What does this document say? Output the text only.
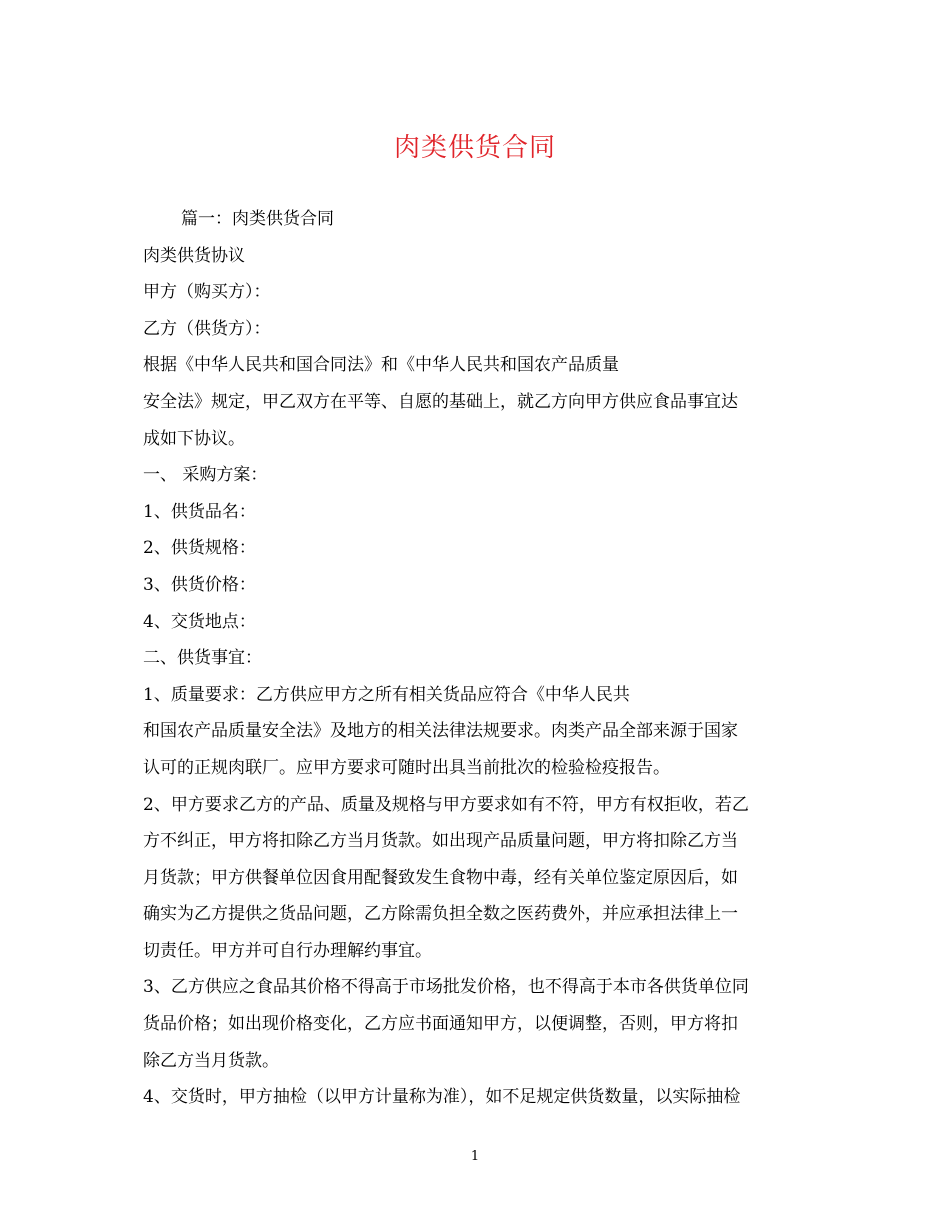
肉类供货合同
篇一：肉类供货合同
肉类供货协议
甲方（购买方）：
乙方（供货方）：
根据《中华人民共和国合同法》和《中华人民共和国农产品质量
安全法》规定，甲乙双方在平等、自愿的基础上，就乙方向甲方供应食品事宜达
成如下协议。
一、 采购方案：
1、供货品名：
2、供货规格：
3、供货价格：
4、交货地点：
二、供货事宜：
1、质量要求：乙方供应甲方之所有相关货品应符合《中华人民共
和国农产品质量安全法》及地方的相关法律法规要求。肉类产品全部来源于国家
认可的正规肉联厂。应甲方要求可随时出具当前批次的检验检疫报告。
2、甲方要求乙方的产品、质量及规格与甲方要求如有不符，甲方有权拒收，若乙
方不纠正，甲方将扣除乙方当月货款。如出现产品质量问题，甲方将扣除乙方当
月货款；甲方供餐单位因食用配餐致发生食物中毒，经有关单位鉴定原因后，如
确实为乙方提供之货品问题，乙方除需负担全数之医药费外，并应承担法律上一
切责任。甲方并可自行办理解约事宜。
3、乙方供应之食品其价格不得高于市场批发价格，也不得高于本市各供货单位同
货品价格；如出现价格变化，乙方应书面通知甲方，以便调整，否则，甲方将扣
除乙方当月货款。
4、交货时，甲方抽检（以甲方计量称为准），如不足规定供货数量，以实际抽检
1
